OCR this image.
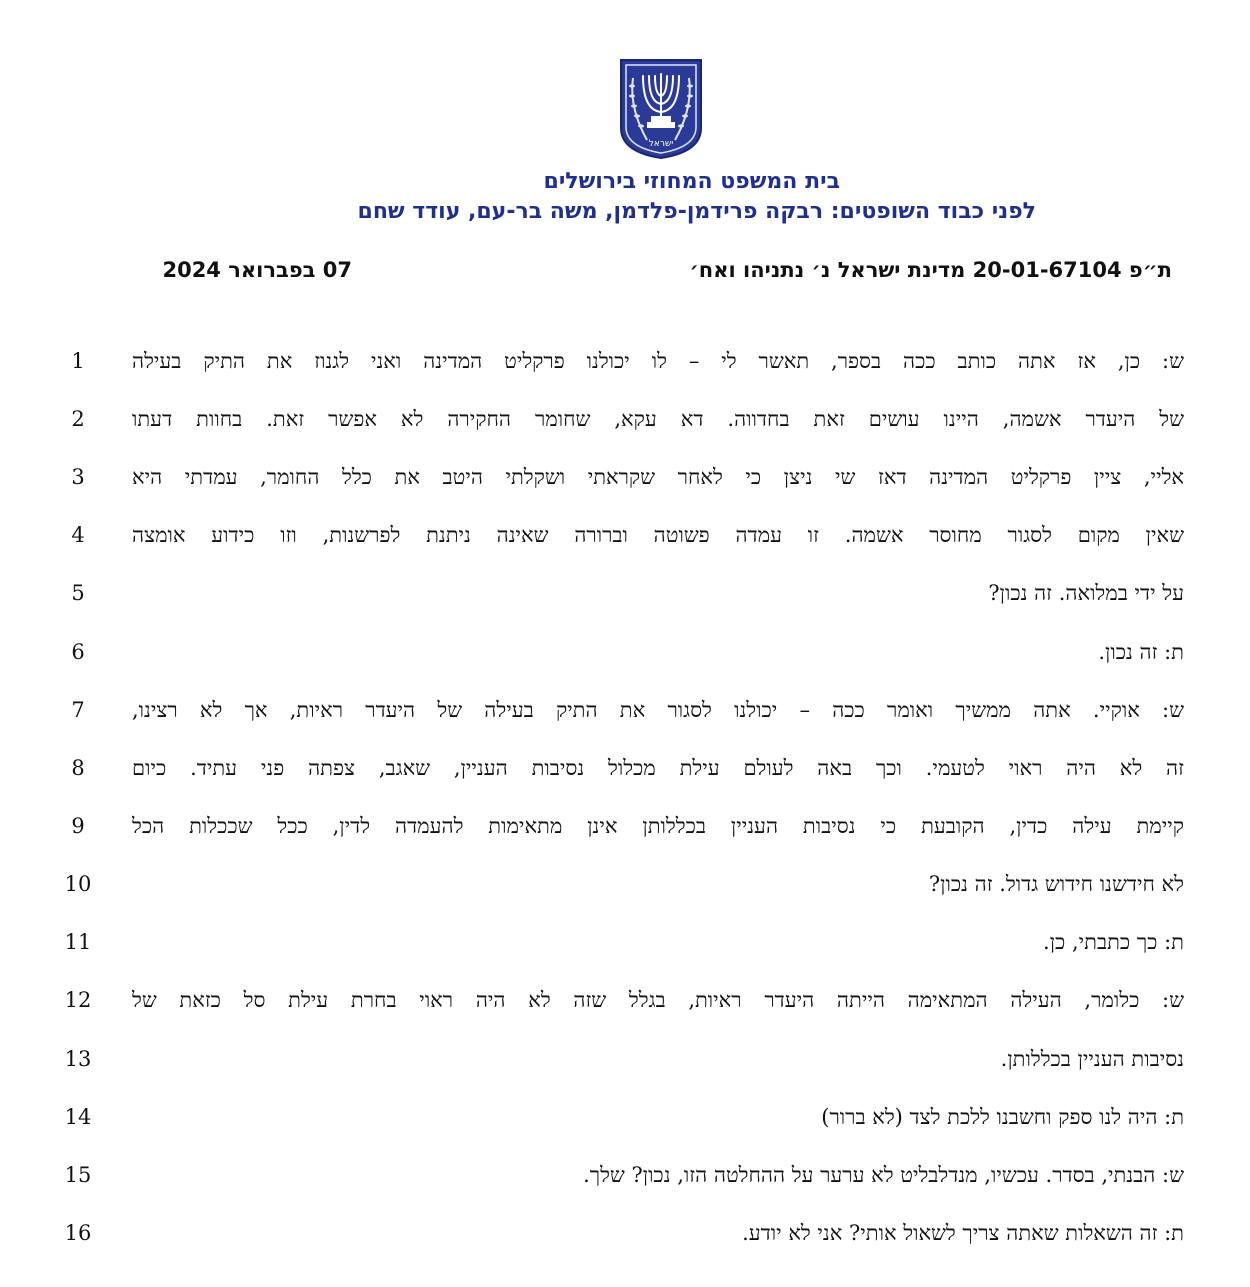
ישראל
בית המשפט המחוזי בירושלים
לפני כבוד השופטים: רבקה פרידמן-פלדמן, משה בר-עם, עודד שחם
ת״פ 20-01-67104 מדינת ישראל נ׳ נתניהו ואח׳
07 בפברואר 2024
1	ש: כן, אז אתה כותב ככה בספר, תאשר לי – לו יכולנו פרקליט המדינה ואני לגנוז את התיק בעילה
2	של היעדר אשמה, היינו עושים זאת בחדווה. דא עקא, שחומר החקירה לא אפשר זאת. בחוות דעתו
3	אליי, ציין פרקליט המדינה דאז שי ניצן כי לאחר שקראתי ושקלתי היטב את כלל החומר, עמדתי היא
4	שאין מקום לסגור מחוסר אשמה. זו עמדה פשוטה וברורה שאינה ניתנת לפרשנות, וזו כידוע אומצה
5	על ידי במלואה. זה נכון?
6	ת: זה נכון.
7	ש: אוקיי. אתה ממשיך ואומר ככה – יכולנו לסגור את התיק בעילה של היעדר ראיות, אך לא רצינו,
8	זה לא היה ראוי לטעמי. וכך באה לעולם עילת מכלול נסיבות העניין, שאגב, צפתה פני עתיד. כיום
9	קיימת עילה כדין, הקובעת כי נסיבות העניין בכללותן אינן מתאימות להעמדה לדין, ככל שככלות הכל
10	לא חידשנו חידוש גדול. זה נכון?
11	ת: כך כתבתי, כן.
12	ש: כלומר, העילה המתאימה הייתה היעדר ראיות, בגלל שזה לא היה ראוי בחרת עילת סל כזאת של
13	נסיבות העניין בכללותן.
14	ת: היה לנו ספק וחשבנו ללכת לצד (לא ברור)
15	ש: הבנתי, בסדר. עכשיו, מנדלבליט לא ערער על ההחלטה הזו, נכון? שלך.
16	ת: זה השאלות שאתה צריך לשאול אותי? אני לא יודע.
